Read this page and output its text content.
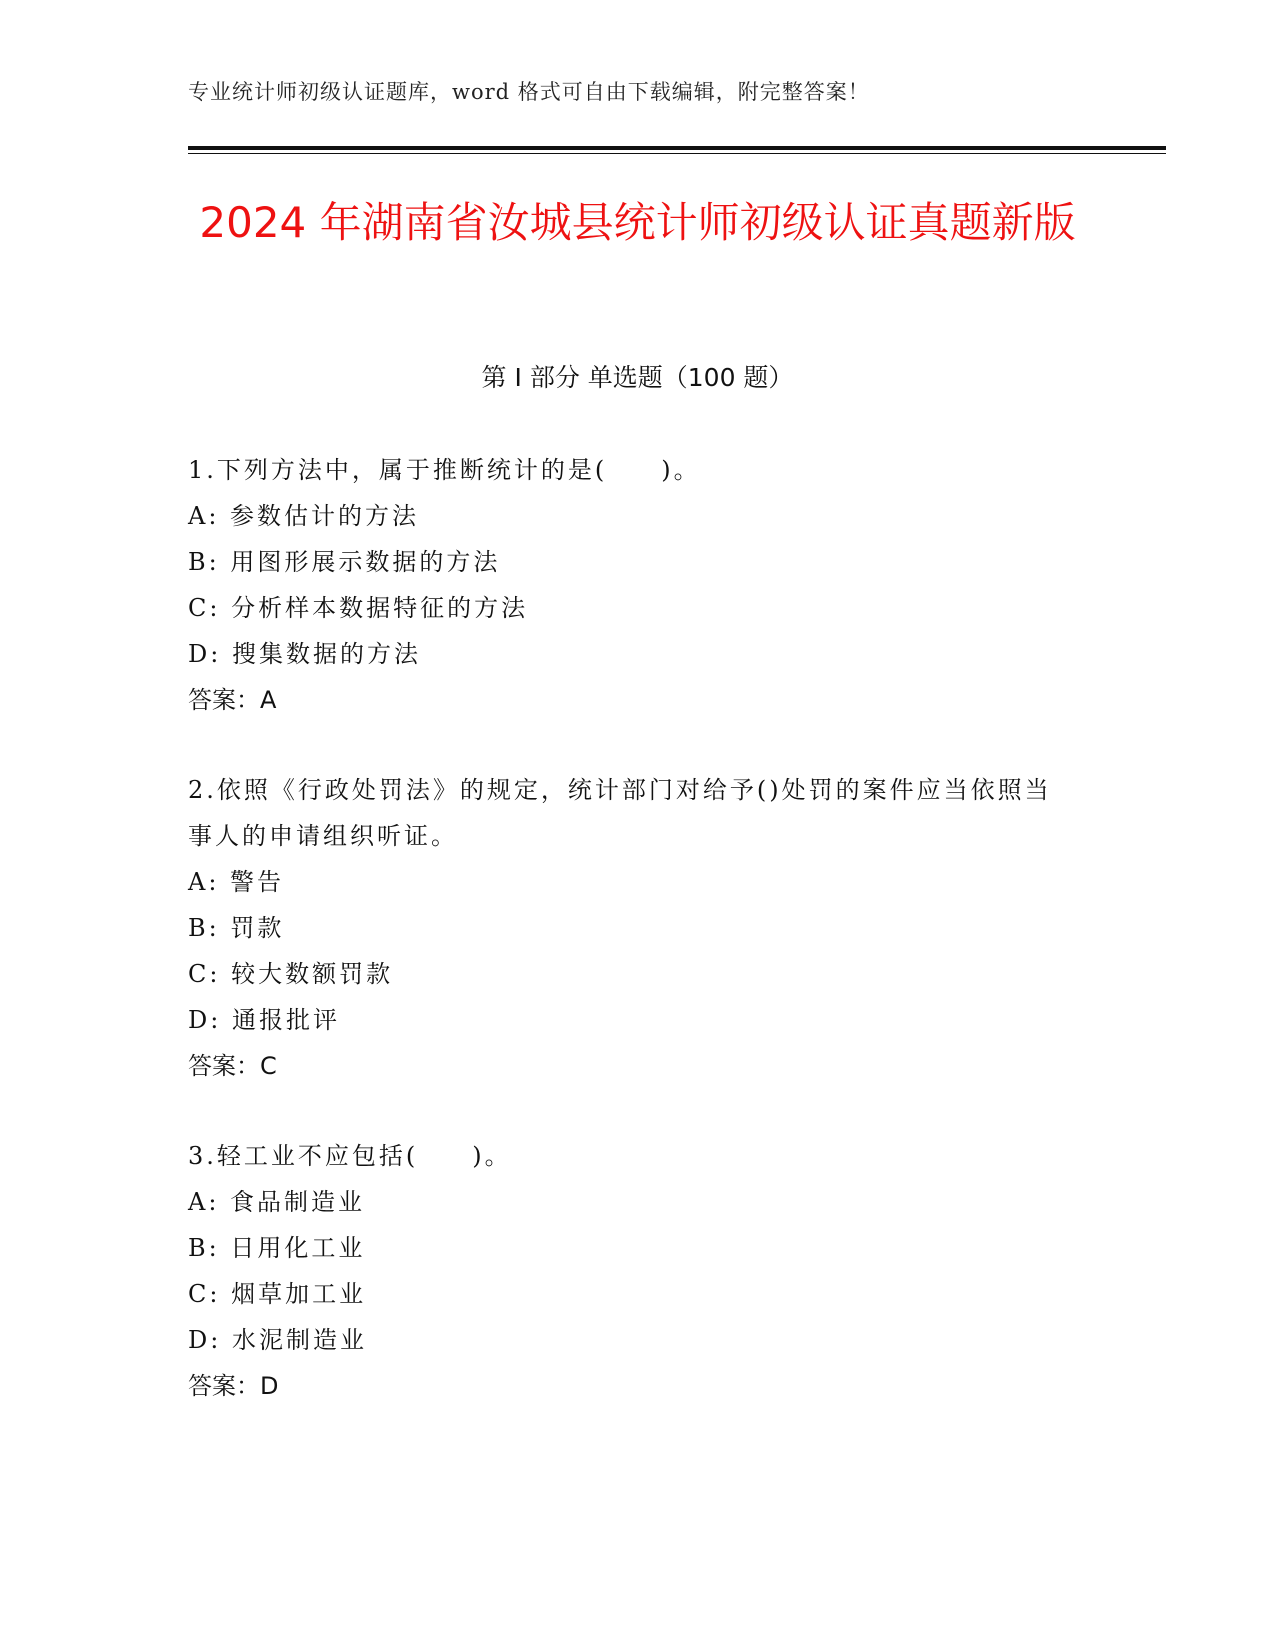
专业统计师初级认证题库，word 格式可自由下载编辑，附完整答案！
2024 年湖南省汝城县统计师初级认证真题新版
第 I 部分 单选题（100 题）
1.下列方法中，属于推断统计的是(　　)。
A: 参数估计的方法
B: 用图形展示数据的方法
C: 分析样本数据特征的方法
D: 搜集数据的方法
答案：A
2.依照《行政处罚法》的规定，统计部门对给予()处罚的案件应当依照当事人的申请组织听证。
A: 警告
B: 罚款
C: 较大数额罚款
D: 通报批评
答案：C
3.轻工业不应包括(　　)。
A: 食品制造业
B: 日用化工业
C: 烟草加工业
D: 水泥制造业
答案：D
